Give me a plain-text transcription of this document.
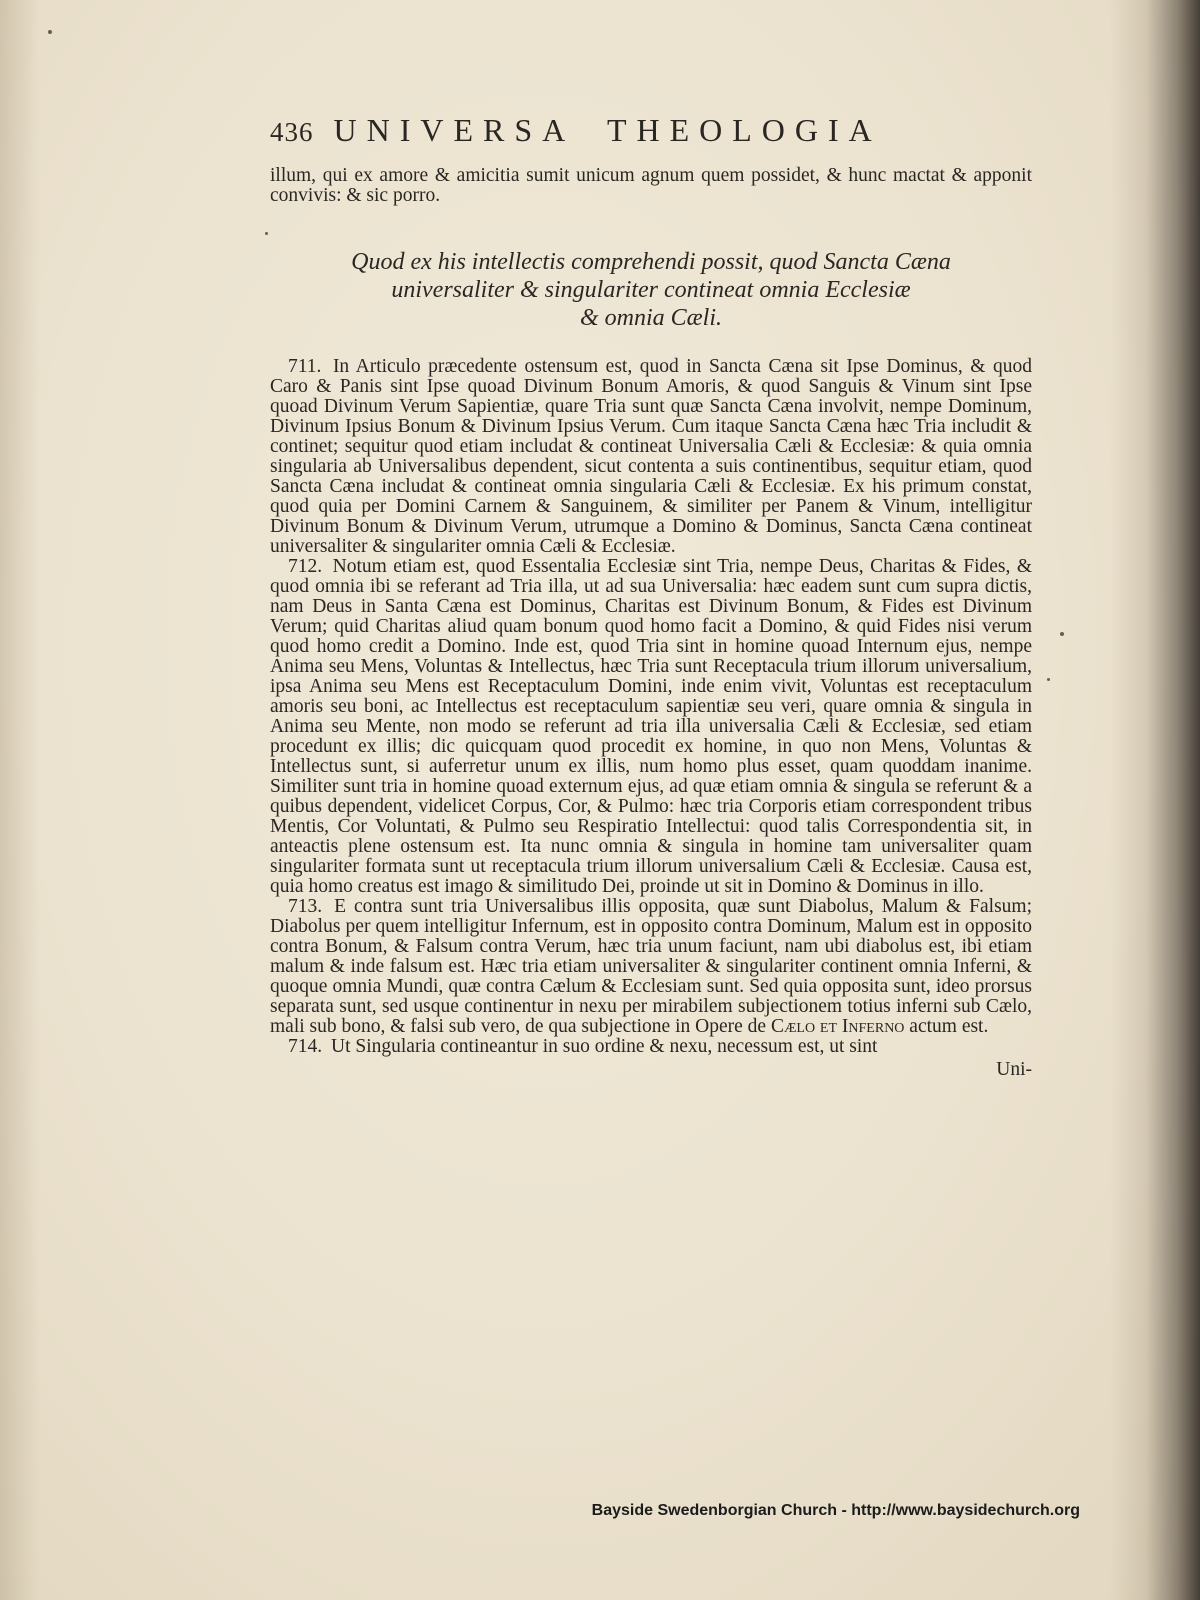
436 UNIVERSA THEOLOGIA

illum, qui ex amore & amicitia sumit unicum agnum quem possidet, & hunc mactat & apponit convivis: & sic porro.

Quod ex his intellectis comprehendi possit, quod Sancta Cæna
universaliter & singulariter contineat omnia Ecclesiæ
& omnia Cæli.

711. In Articulo præcedente ostensum est, quod in Sancta Cæna sit Ipse Dominus, & quod Caro & Panis sint Ipse quoad Divinum Bonum Amoris, & quod Sanguis & Vinum sint Ipse quoad Divinum Verum Sapientiæ, quare Tria sunt quæ Sancta Cæna involvit, nempe Dominum, Divinum Ipsius Bonum & Divinum Ipsius Verum. Cum itaque Sancta Cæna hæc Tria includit & continet; sequitur quod etiam includat & contineat Universalia Cæli & Ecclesiæ: & quia omnia singularia ab Universalibus dependent, sicut contenta a suis continentibus, sequitur etiam, quod Sancta Cæna includat & contineat omnia singularia Cæli & Ecclesiæ. Ex his primum constat, quod quia per Domini Carnem & Sanguinem, & similiter per Panem & Vinum, intelligitur Divinum Bonum & Divinum Verum, utrumque a Domino & Dominus, Sancta Cæna contineat universaliter & singulariter omnia Cæli & Ecclesiæ.

712. Notum etiam est, quod Essentalia Ecclesiæ sint Tria, nempe Deus, Charitas & Fides, & quod omnia ibi se referant ad Tria illa, ut ad sua Universalia: hæc eadem sunt cum supra dictis, nam Deus in Santa Cæna est Dominus, Charitas est Divinum Bonum, & Fides est Divinum Verum; quid Charitas aliud quam bonum quod homo facit a Domino, & quid Fides nisi verum quod homo credit a Domino. Inde est, quod Tria sint in homine quoad Internum ejus, nempe Anima seu Mens, Voluntas & Intellectus, hæc Tria sunt Receptacula trium illorum universalium, ipsa Anima seu Mens est Receptaculum Domini, inde enim vivit, Voluntas est receptaculum amoris seu boni, ac Intellectus est receptaculum sapientiæ seu veri, quare omnia & singula in Anima seu Mente, non modo se referunt ad tria illa universalia Cæli & Ecclesiæ, sed etiam procedunt ex illis; dic quicquam quod procedit ex homine, in quo non Mens, Voluntas & Intellectus sunt, si auferretur unum ex illis, num homo plus esset, quam quoddam inanime. Similiter sunt tria in homine quoad externum ejus, ad quæ etiam omnia & singula se referunt & a quibus dependent, videlicet Corpus, Cor, & Pulmo: hæc tria Corporis etiam correspondent tribus Mentis, Cor Voluntati, & Pulmo seu Respiratio Intellectui: quod talis Correspondentia sit, in anteactis plene ostensum est. Ita nunc omnia & singula in homine tam universaliter quam singulariter formata sunt ut receptacula trium illorum universalium Cæli & Ecclesiæ. Causa est, quia homo creatus est imago & similitudo Dei, proinde ut sit in Domino & Dominus in illo.

713. E contra sunt tria Universalibus illis opposita, quæ sunt Diabolus, Malum & Falsum; Diabolus per quem intelligitur Infernum, est in opposito contra Dominum, Malum est in opposito contra Bonum, & Falsum contra Verum, hæc tria unum faciunt, nam ubi diabolus est, ibi etiam malum & inde falsum est. Hæc tria etiam universaliter & singulariter continent omnia Inferni, & quoque omnia Mundi, quæ contra Cælum & Ecclesiam sunt. Sed quia opposita sunt, ideo prorsus separata sunt, sed usque continentur in nexu per mirabilem subjectionem totius inferni sub Cælo, mali sub bono, & falsi sub vero, de qua subjectione in Opere de Cælo et Inferno actum est.

714. Ut Singularia contineantur in suo ordine & nexu, necessum est, ut sint

Uni-
Bayside Swedenborgian Church - http://www.baysidechurch.org
